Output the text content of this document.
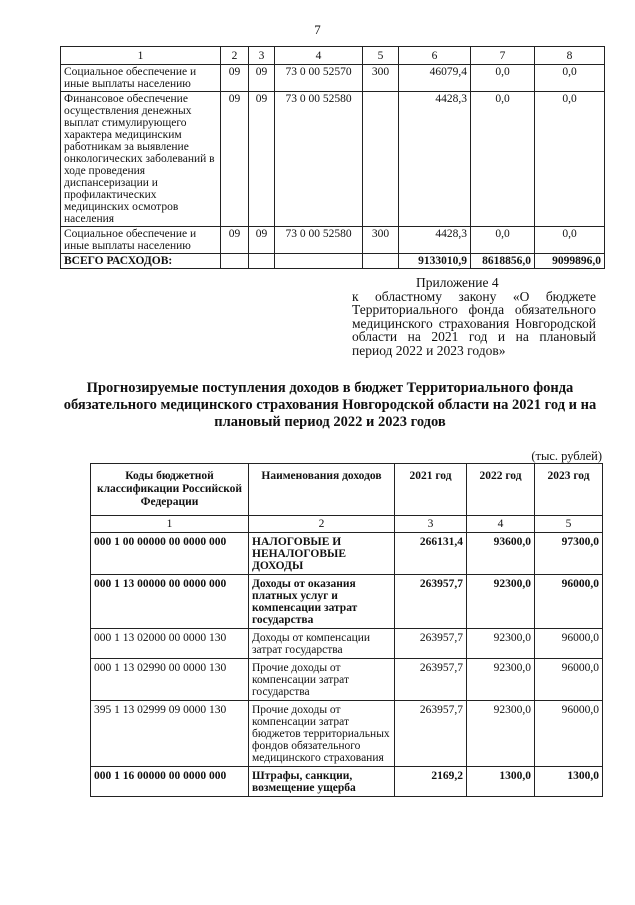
7
1	2	3	4	5	6	7	8
Социальное обеспечение и иные выплаты населению	09	09	73 0 00 52570	300	46079,4	0,0	0,0
Финансовое обеспечение осуществления денежных выплат стимулирующего характера медицинским работникам за выявление онкологических заболеваний в ходе проведения диспансеризации и профилактических медицинских осмотров населения	09	09	73 0 00 52580		4428,3	0,0	0,0
Социальное обеспечение и иные выплаты населению	09	09	73 0 00 52580	300	4428,3	0,0	0,0
ВСЕГО РАСХОДОВ:					9133010,9	8618856,0	9099896,0
Приложение 4
к областному закону «О бюджете Территориального фонда обязательного медицинского страхования Новгородской области на 2021 год и на плановый период 2022 и 2023 годов»
Прогнозируемые поступления доходов в бюджет Территориального фонда обязательного медицинского страхования Новгородской области на 2021 год и на плановый период 2022 и 2023 годов
(тыс. рублей)
Коды бюджетной классификации Российской Федерации	Наименования доходов	2021 год	2022 год	2023 год
1	2	3	4	5
000 1 00 00000 00 0000 000	НАЛОГОВЫЕ И НЕНАЛОГОВЫЕ ДОХОДЫ	266131,4	93600,0	97300,0
000 1 13 00000 00 0000 000	Доходы от оказания платных услуг и компенсации затрат государства	263957,7	92300,0	96000,0
000 1 13 02000 00 0000 130	Доходы от компенсации затрат государства	263957,7	92300,0	96000,0
000 1 13 02990 00 0000 130	Прочие доходы от компенсации затрат государства	263957,7	92300,0	96000,0
395 1 13 02999 09 0000 130	Прочие доходы от компенсации затрат бюджетов территориальных фондов обязательного медицинского страхования	263957,7	92300,0	96000,0
000 1 16 00000 00 0000 000	Штрафы, санкции, возмещение ущерба	2169,2	1300,0	1300,0
